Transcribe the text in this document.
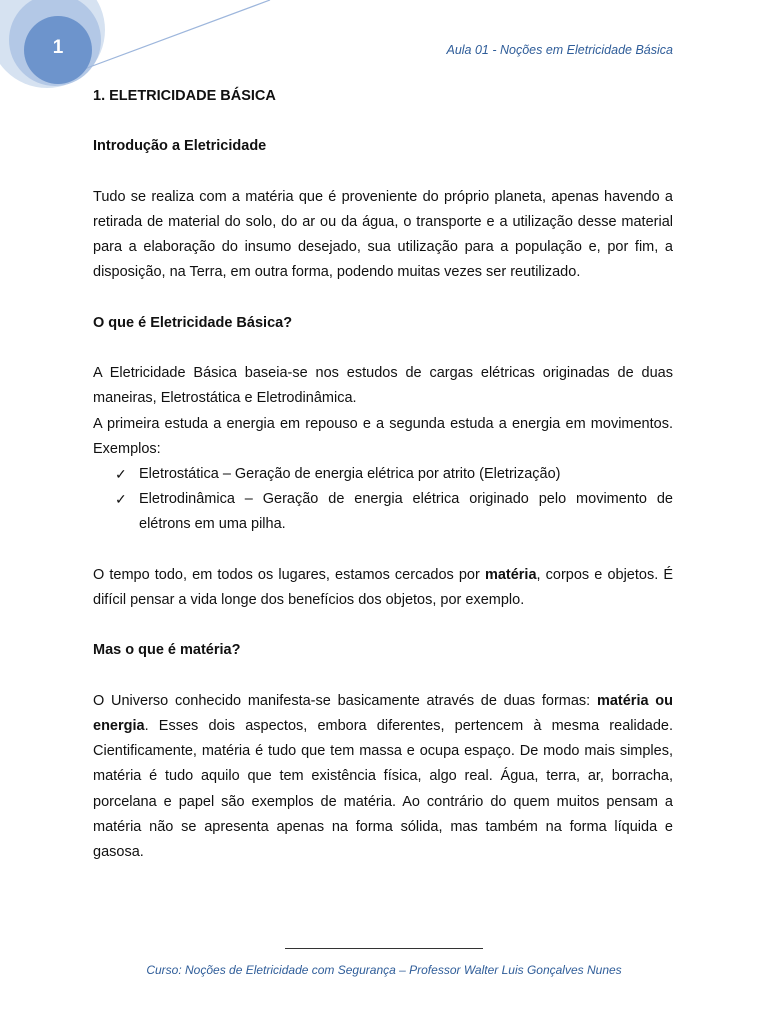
1	Aula 01 - Noções em Eletricidade Básica

1. ELETRICIDADE BÁSICA

Introdução a Eletricidade

Tudo se realiza com a matéria que é proveniente do próprio planeta, apenas havendo a retirada de material do solo, do ar ou da água, o transporte e a utilização desse material para a elaboração do insumo desejado, sua utilização para a população e, por fim, a disposição, na Terra, em outra forma, podendo muitas vezes ser reutilizado.

O que é Eletricidade Básica?

A Eletricidade Básica baseia-se nos estudos de cargas elétricas originadas de duas maneiras, Eletrostática e Eletrodinâmica.

A primeira estuda a energia em repouso e a segunda estuda a energia em movimentos. Exemplos:

✓ Eletrostática – Geração de energia elétrica por atrito (Eletrização)
✓ Eletrodinâmica – Geração de energia elétrica originado pelo movimento de elétrons em uma pilha.

O tempo todo, em todos os lugares, estamos cercados por matéria, corpos e objetos. É difícil pensar a vida longe dos benefícios dos objetos, por exemplo.

Mas o que é matéria?

O Universo conhecido manifesta-se basicamente através de duas formas: matéria ou energia. Esses dois aspectos, embora diferentes, pertencem à mesma realidade. Cientificamente, matéria é tudo que tem massa e ocupa espaço. De modo mais simples, matéria é tudo aquilo que tem existência física, algo real. Água, terra, ar, borracha, porcelana e papel são exemplos de matéria. Ao contrário do quem muitos pensam a matéria não se apresenta apenas na forma sólida, mas também na forma líquida e gasosa.

Curso: Noções de Eletricidade com Segurança – Professor Walter Luis Gonçalves Nunes
